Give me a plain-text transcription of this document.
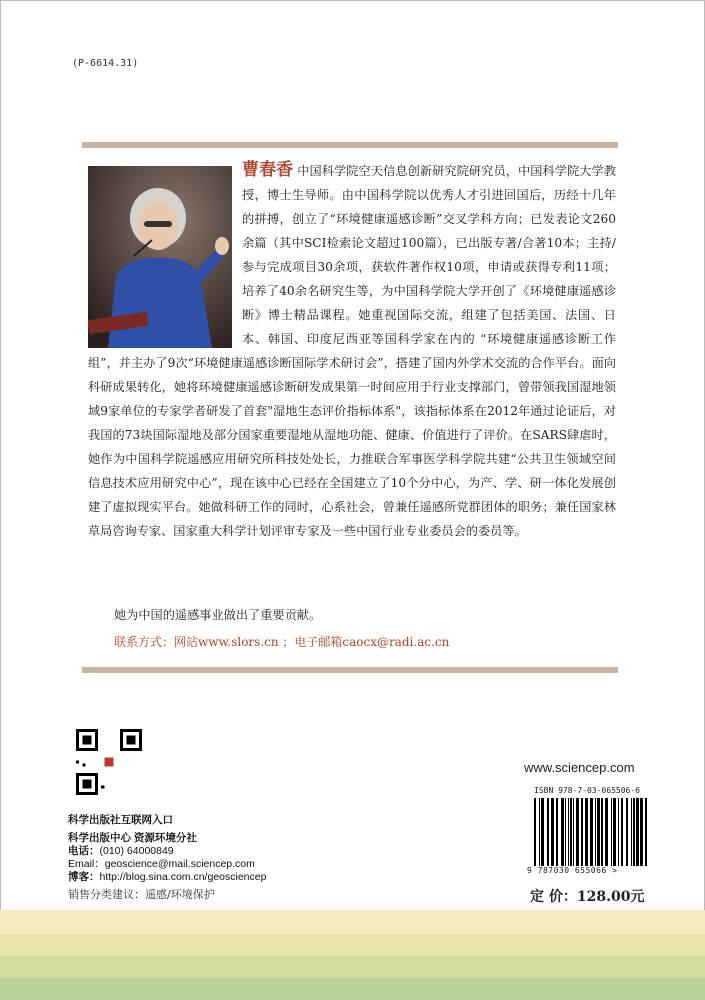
(P-6614.31)

曹春香 中国科学院空天信息创新研究院研究员，中国科学院大学教授，博士生导师。由中国科学院以优秀人才引进回国后，历经十几年的拼搏，创立了“环境健康遥感诊断”交叉学科方向；已发表论文260余篇（其中SCI检索论文超过100篇），已出版专著/合著10本；主持/参与完成项目30余项，获软件著作权10项，申请或获得专利11项；培养了40余名研究生等，为中国科学院大学开创了《环境健康遥感诊断》博士精品课程。她重视国际交流，组建了包括美国、法国、日本、韩国、印度尼西亚等国科学家在内的 “环境健康遥感诊断工作组”，并主办了9次“环境健康遥感诊断国际学术研讨会”，搭建了国内外学术交流的合作平台。面向科研成果转化，她将环境健康遥感诊断研发成果第一时间应用于行业支撑部门，曾带领我国湿地领域9家单位的专家学者研发了首套"湿地生态评价指标体系"，该指标体系在2012年通过论证后，对我国的73块国际湿地及部分国家重要湿地从湿地功能、健康、价值进行了评价。在SARS肆虐时，她作为中国科学院遥感应用研究所科技处处长，力推联合军事医学科学院共建“公共卫生领域空间信息技术应用研究中心”，现在该中心已经在全国建立了10个分中心，为产、学、研一体化发展创建了虚拟现实平台。她做科研工作的同时，心系社会，曾兼任遥感所党群团体的职务；兼任国家林草局咨询专家、国家重大科学计划评审专家及一些中国行业专业委员会的委员等。

她为中国的遥感事业做出了重要贡献。
联系方式：网站www.slors.cn ；电子邮箱caocx@radi.ac.cn
科学出版社互联网入口
科学出版中心 资源环境分社
电话：(010) 64000849
Email：geoscience@mail.sciencep.com
博客：http://blog.sina.com.cn/geosciencep
销售分类建议：遥感/环境保护
www.sciencep.com
ISBN 978-7-03-065506-6
9 787030 655066 >
定 价：128.00元
